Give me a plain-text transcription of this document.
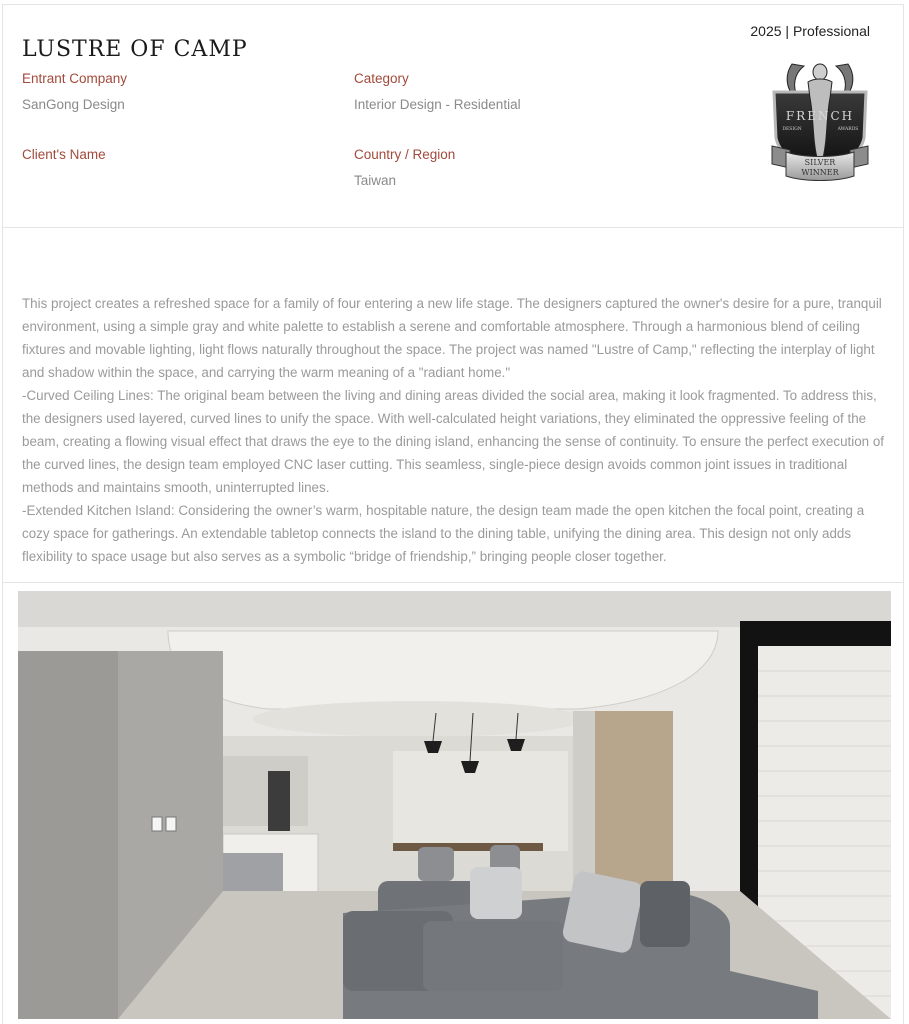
LUSTRE OF CAMP
2025 | Professional
Entrant Company
SanGong Design
Category
Interior Design - Residential
Client's Name	Country / Region
Taiwan
FRENCH
DESIGN	AWARDS
SILVER
WINNER

This project creates a refreshed space for a family of four entering a new life stage. The designers captured the owner's desire for a pure, tranquil environment, using a simple gray and white palette to establish a serene and comfortable atmosphere. Through a harmonious blend of ceiling fixtures and movable lighting, light flows naturally throughout the space. The project was named "Lustre of Camp," reflecting the interplay of light and shadow within the space, and carrying the warm meaning of a "radiant home."

-Curved Ceiling Lines: The original beam between the living and dining areas divided the social area, making it look fragmented. To address this, the designers used layered, curved lines to unify the space. With well-calculated height variations, they eliminated the oppressive feeling of the beam, creating a flowing visual effect that draws the eye to the dining island, enhancing the sense of continuity. To ensure the perfect execution of the curved lines, the design team employed CNC laser cutting. This seamless, single-piece design avoids common joint issues in traditional methods and maintains smooth, uninterrupted lines.

-Extended Kitchen Island: Considering the owner’s warm, hospitable nature, the design team made the open kitchen the focal point, creating a cozy space for gatherings. An extendable tabletop connects the island to the dining table, unifying the dining area. This design not only adds flexibility to space usage but also serves as a symbolic “bridge of friendship,” bringing people closer together.
